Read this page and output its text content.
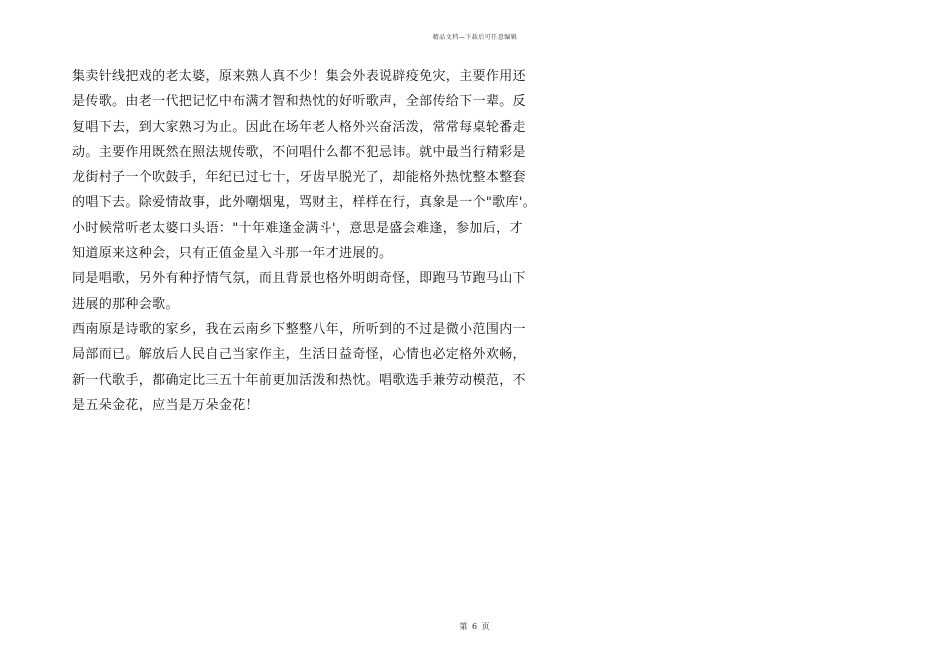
精品文档—下载后可任意编辑
集卖针线把戏的老太婆，原来熟人真不少！集会外表说辟疫免灾，主要作用还
是传歌。由老一代把记忆中布满才智和热忱的好听歌声，全部传给下一辈。反
复唱下去，到大家熟习为止。因此在场年老人格外兴奋活泼，常常每桌轮番走
动。主要作用既然在照法规传歌，不问唱什么都不犯忌讳。就中最当行精彩是
龙街村子一个吹鼓手，年纪已过七十，牙齿早脱光了，却能格外热忱整本整套
的唱下去。除爱情故事，此外嘲烟鬼，骂财主，样样在行，真象是一个"歌库'。
小时候常听老太婆口头语："十年难逢金满斗'，意思是盛会难逢，参加后，才
知道原来这种会，只有正值金星入斗那一年才进展的。
同是唱歌，另外有种抒情气氛，而且背景也格外明朗奇怪，即跑马节跑马山下
进展的那种会歌。
西南原是诗歌的家乡，我在云南乡下整整八年，所听到的不过是微小范围内一
局部而已。解放后人民自己当家作主，生活日益奇怪，心情也必定格外欢畅，
新一代歌手，都确定比三五十年前更加活泼和热忱。唱歌选手兼劳动模范，不
是五朵金花，应当是万朵金花！
第 6 页
